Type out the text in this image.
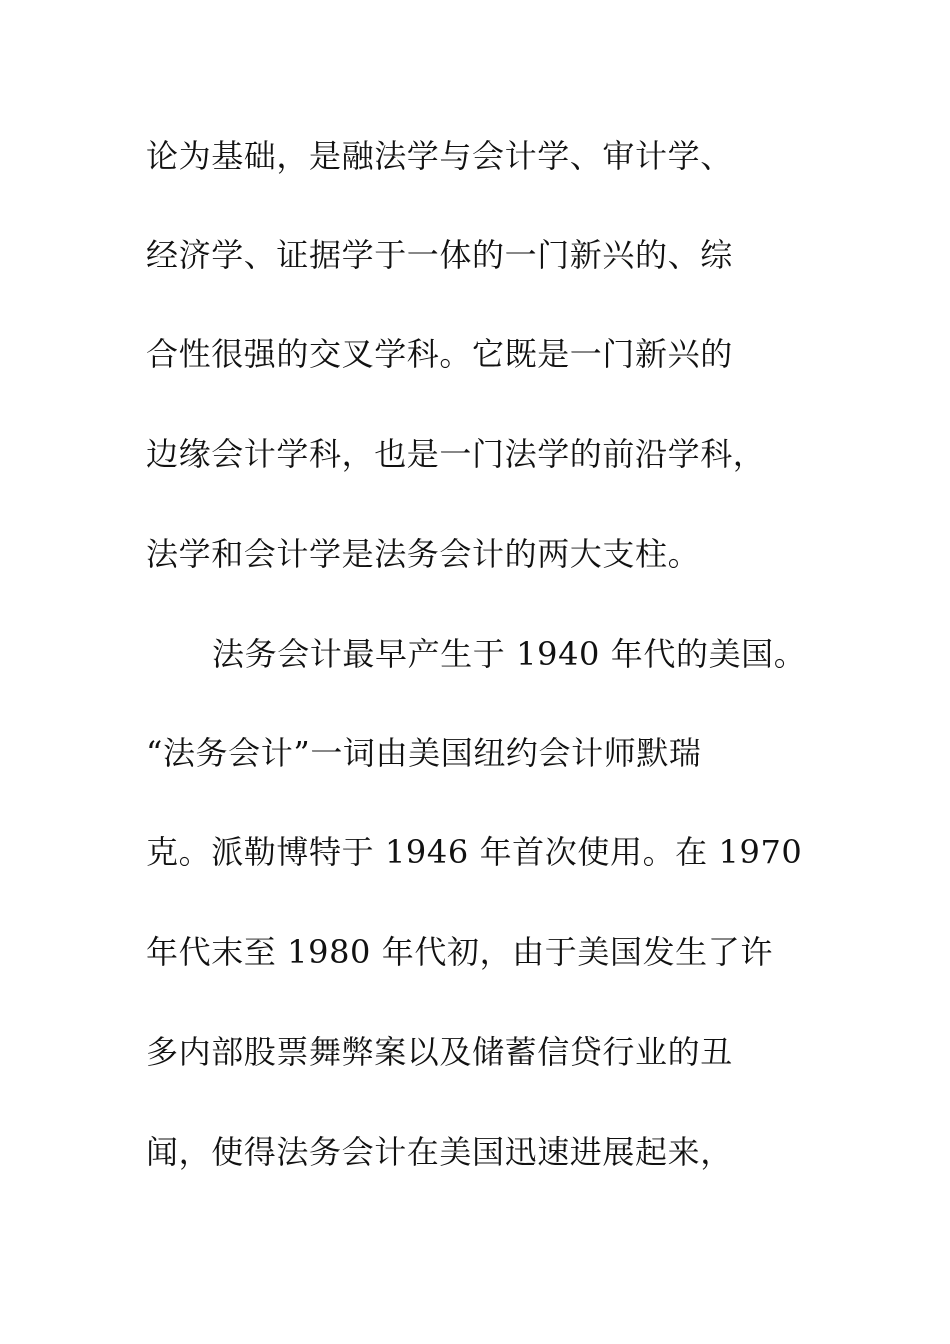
论为基础，是融法学与会计学、审计学、
经济学、证据学于一体的一门新兴的、综
合性很强的交叉学科。它既是一门新兴的
边缘会计学科，也是一门法学的前沿学科，
法学和会计学是法务会计的两大支柱。
法务会计最早产生于 1940 年代的美国。
“法务会计”一词由美国纽约会计师默瑞
克。派勒博特于 1946 年首次使用。在 1970
年代末至 1980 年代初，由于美国发生了许
多内部股票舞弊案以及储蓄信贷行业的丑
闻，使得法务会计在美国迅速进展起来，
